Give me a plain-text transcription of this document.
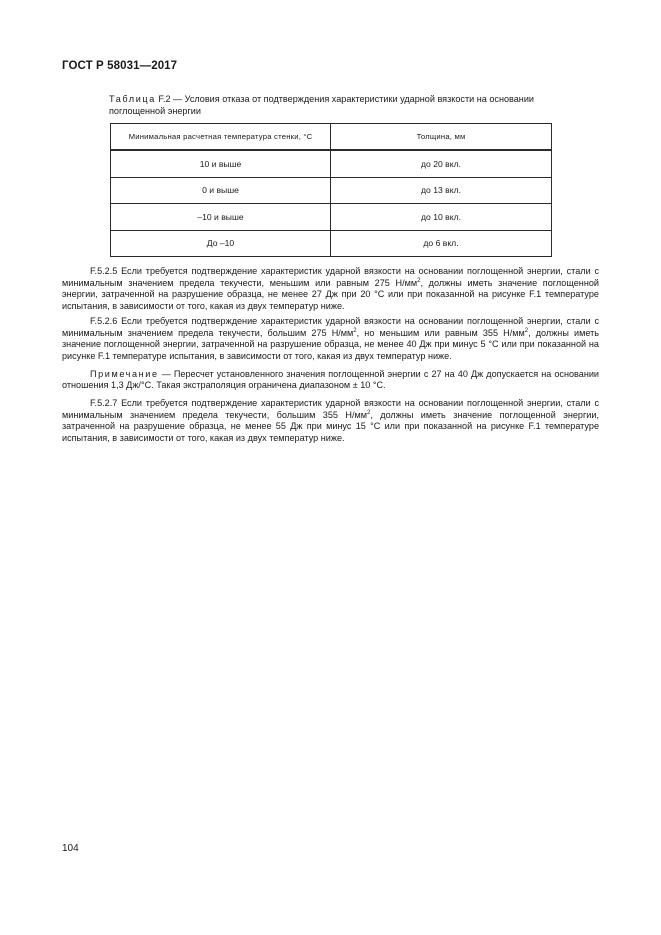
ГОСТ Р 58031—2017
Таблица F.2 — Условия отказа от подтверждения характеристики ударной вязкости на основании поглощенной энергии
Минимальная расчетная температура стенки, °С	Толщина, мм
10 и выше	до 20 вкл.
0 и выше	до 13 вкл.
–10 и выше	до 10 вкл.
До –10	до 6 вкл.

F.5.2.5 Если требуется подтверждение характеристик ударной вязкости на основании поглощенной энергии, стали с минимальным значением предела текучести, меньшим или равным 275 $Н/мм^2$, должны иметь значение поглощенной энергии, затраченной на разрушение образца, не менее 27 Дж при 20 °С или при показанной на рисунке F.1 температуре испытания, в зависимости от того, какая из двух температур ниже.

F.5.2.6 Если требуется подтверждение характеристик ударной вязкости на основании поглощенной энергии, стали с минимальным значением предела текучести, большим 275 $Н/мм^2$, но меньшим или равным 355 $Н/мм^2$, должны иметь значение поглощенной энергии, затраченной на разрушение образца, не менее 40 Дж при минус 5 °С или при показанной на рисунке F.1 температуре испытания, в зависимости от того, какая из двух температур ниже.

Примечание — Пересчет установленного значения поглощенной энергии с 27 на 40 Дж допускается на основании отношения 1,3 Дж/°С. Такая экстраполяция ограничена диапазоном ± 10 °С.

F.5.2.7 Если требуется подтверждение характеристик ударной вязкости на основании поглощенной энергии, стали с минимальным значением предела текучести, большим 355 $Н/мм^2$, должны иметь значение поглощенной энергии, затраченной на разрушение образца, не менее 55 Дж при минус 15 °С или при показанной на рисунке F.1 температуре испытания, в зависимости от того, какая из двух температур ниже.

104
